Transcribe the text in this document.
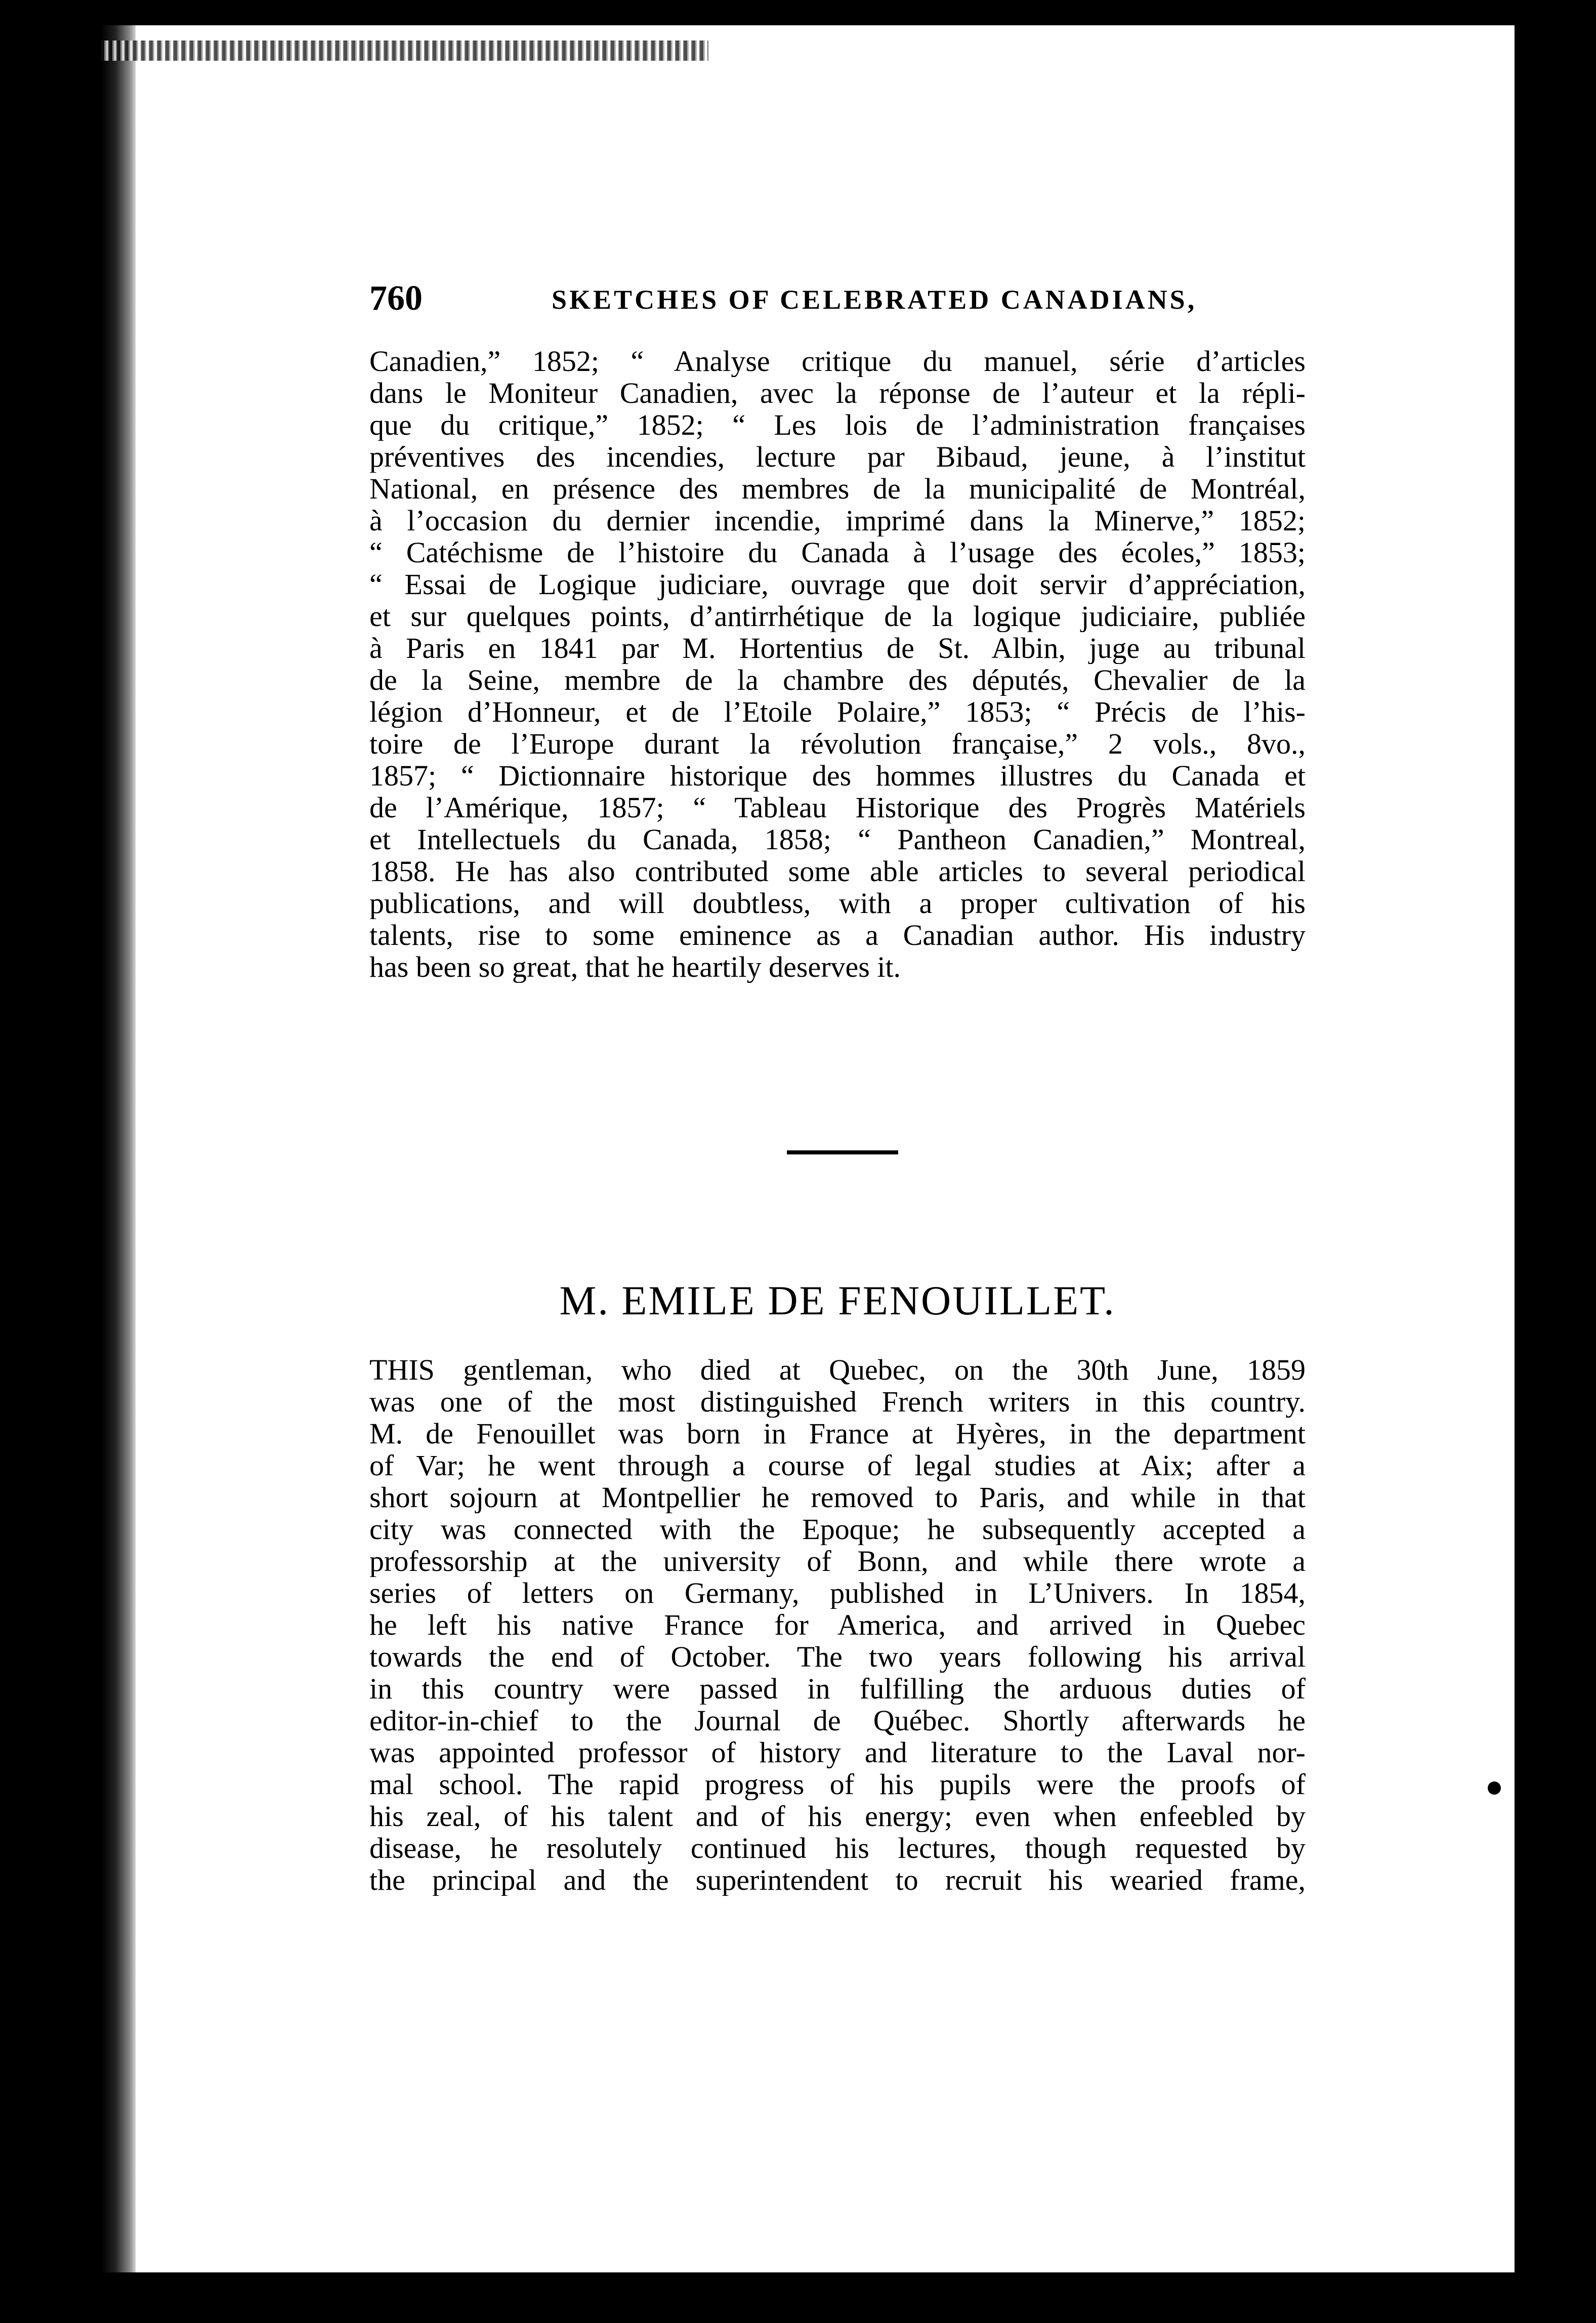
760	SKETCHES OF CELEBRATED CANADIANS,
Canadien,” 1852; “ Analyse critique du manuel, série d’articles
dans le Moniteur Canadien, avec la réponse de l’auteur et la répli-
que du critique,” 1852; “ Les lois de l’administration françaises
préventives des incendies, lecture par Bibaud, jeune, à l’institut
National, en présence des membres de la municipalité de Montréal,
à l’occasion du dernier incendie, imprimé dans la Minerve,” 1852;
“ Catéchisme de l’histoire du Canada à l’usage des écoles,” 1853;
“ Essai de Logique judiciare, ouvrage que doit servir d’appréciation,
et sur quelques points, d’antirrhétique de la logique judiciaire, publiée
à Paris en 1841 par M. Hortentius de St. Albin, juge au tribunal
de la Seine, membre de la chambre des députés, Chevalier de la
légion d’Honneur, et de l’Etoile Polaire,” 1853; “ Précis de l’his-
toire de l’Europe durant la révolution française,” 2 vols., 8vo.,
1857; “ Dictionnaire historique des hommes illustres du Canada et
de l’Amérique, 1857; “ Tableau Historique des Progrès Matériels
et Intellectuels du Canada, 1858; “ Pantheon Canadien,” Montreal,
1858. He has also contributed some able articles to several periodical
publications, and will doubtless, with a proper cultivation of his
talents, rise to some eminence as a Canadian author. His industry
has been so great, that he heartily deserves it.
M. EMILE DE FENOUILLET.
THIS gentleman, who died at Quebec, on the 30th June, 1859
was one of the most distinguished French writers in this country.
M. de Fenouillet was born in France at Hyères, in the department
of Var; he went through a course of legal studies at Aix; after a
short sojourn at Montpellier he removed to Paris, and while in that
city was connected with the Epoque; he subsequently accepted a
professorship at the university of Bonn, and while there wrote a
series of letters on Germany, published in L’Univers. In 1854,
he left his native France for America, and arrived in Quebec
towards the end of October. The two years following his arrival
in this country were passed in fulfilling the arduous duties of
editor-in-chief to the Journal de Québec. Shortly afterwards he
was appointed professor of history and literature to the Laval nor-
mal school. The rapid progress of his pupils were the proofs of
his zeal, of his talent and of his energy; even when enfeebled by
disease, he resolutely continued his lectures, though requested by
the principal and the superintendent to recruit his wearied frame,
